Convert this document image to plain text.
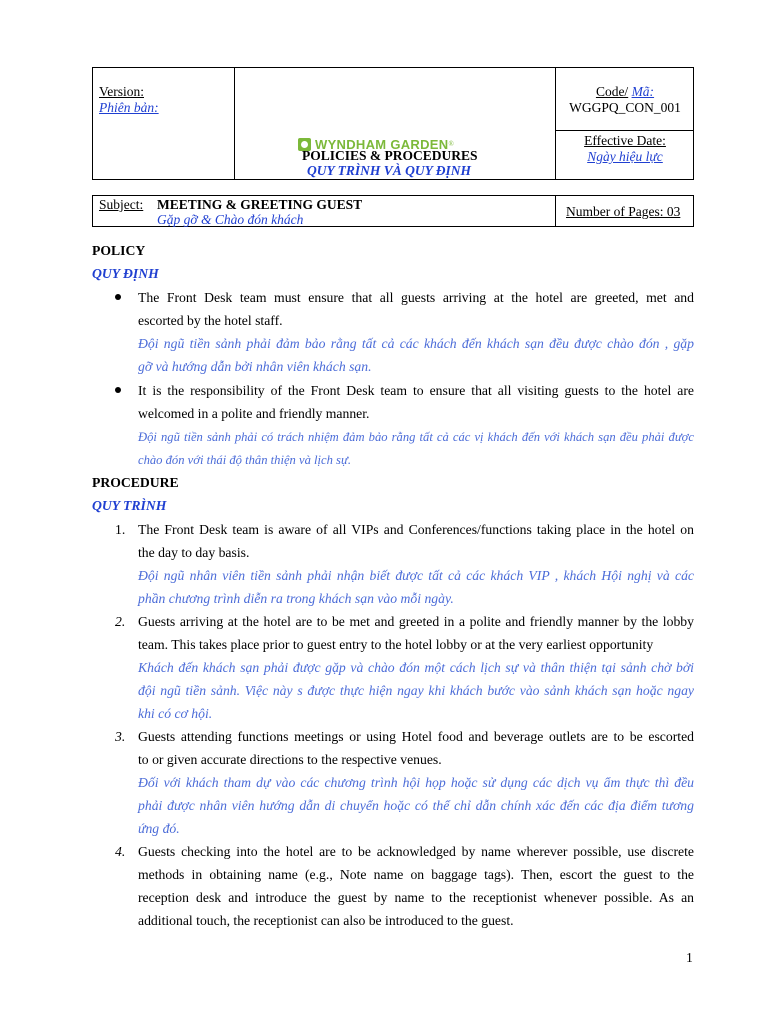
Version:
Phiên bản:
Code/ Mã:
WGGPQ_CON_001
Effective Date:
Ngày hiệu lực
WYNDHAM GARDEN ®
POLICIES & PROCEDURES
QUY TRÌNH VÀ QUY ĐỊNH
Subject: MEETING & GREETING GUEST
Gặp gỡ & Chào đón khách
Number of Pages: 03
POLICY
QUY ĐỊNH
The Front Desk team must ensure that all guests arriving at the hotel are greeted, met and
escorted by the hotel staff.
Đội ngũ tiền sảnh phải đảm bảo rằng tất cả các khách đến khách sạn đều được chào đón , gặp
gỡ và hướng dẫn bởi nhân viên khách sạn.
It is the responsibility of the Front Desk team to ensure that all visiting guests to the hotel are
welcomed in a polite and friendly manner.
Đội ngũ tiền sảnh phải có trách nhiệm đảm bảo rằng tất cả các vị khách đến với khách sạn đều phải được
chào đón với thái độ thân thiện và lịch sự.
PROCEDURE
QUY TRÌNH
1. The Front Desk team is aware of all VIPs and Conferences/functions taking place in the hotel on
the day to day basis.
Đội ngũ nhân viên tiền sảnh phải nhận biết được tất cả các khách VIP , khách Hội nghị và các
phần chương trình diễn ra trong khách sạn vào mỗi ngày.
2. Guests arriving at the hotel are to be met and greeted in a polite and friendly manner by the lobby
team. This takes place prior to guest entry to the hotel lobby or at the very earliest opportunity
Khách đến khách sạn phải được gặp và chào đón một cách lịch sự và thân thiện tại sảnh chờ bởi
đội ngũ tiền sảnh. Việc này s được thực hiện ngay khi khách bước vào sảnh khách sạn hoặc ngay
khi có cơ hội.
3. Guests attending functions meetings or using Hotel food and beverage outlets are to be escorted
to or given accurate directions to the respective venues.
Đối với khách tham dự vào các chương trình hội họp hoặc sử dụng các dịch vụ ẩm thực thì đều
phải được nhân viên hướng dẫn di chuyển hoặc có thể chỉ dẫn chính xác đến các địa điểm tương
ứng đó.
4. Guests checking into the hotel are to be acknowledged by name wherever possible, use discrete
methods in obtaining name (e.g., Note name on baggage tags). Then, escort the guest to the
reception desk and introduce the guest by name to the receptionist whenever possible. As an
additional touch, the receptionist can also be introduced to the guest.
1
